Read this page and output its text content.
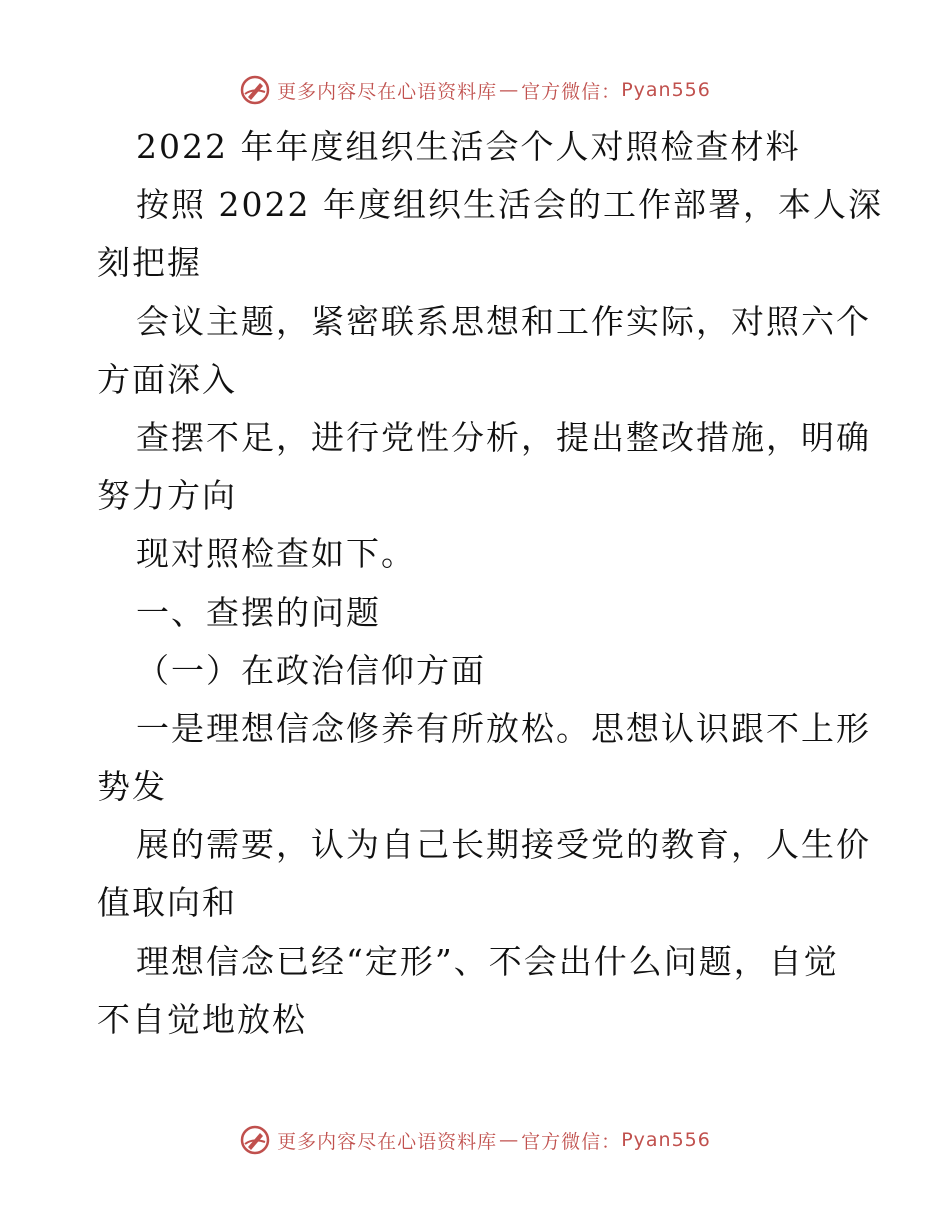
更多内容尽在心语资料库 — 官方微信： Pyan556
2022 年年度组织生活会个人对照检查材料
按照 2022 年度组织生活会的工作部署，本人深
刻把握
会议主题，紧密联系思想和工作实际，对照六个
方面深入
查摆不足，进行党性分析，提出整改措施，明确
努力方向
现对照检查如下。
一、查摆的问题
（一）在政治信仰方面
一是理想信念修养有所放松。思想认识跟不上形
势发
展的需要，认为自己长期接受党的教育，人生价
值取向和
理想信念已经“定形”、不会出什么问题，自觉
不自觉地放松
更多内容尽在心语资料库 — 官方微信： Pyan556
